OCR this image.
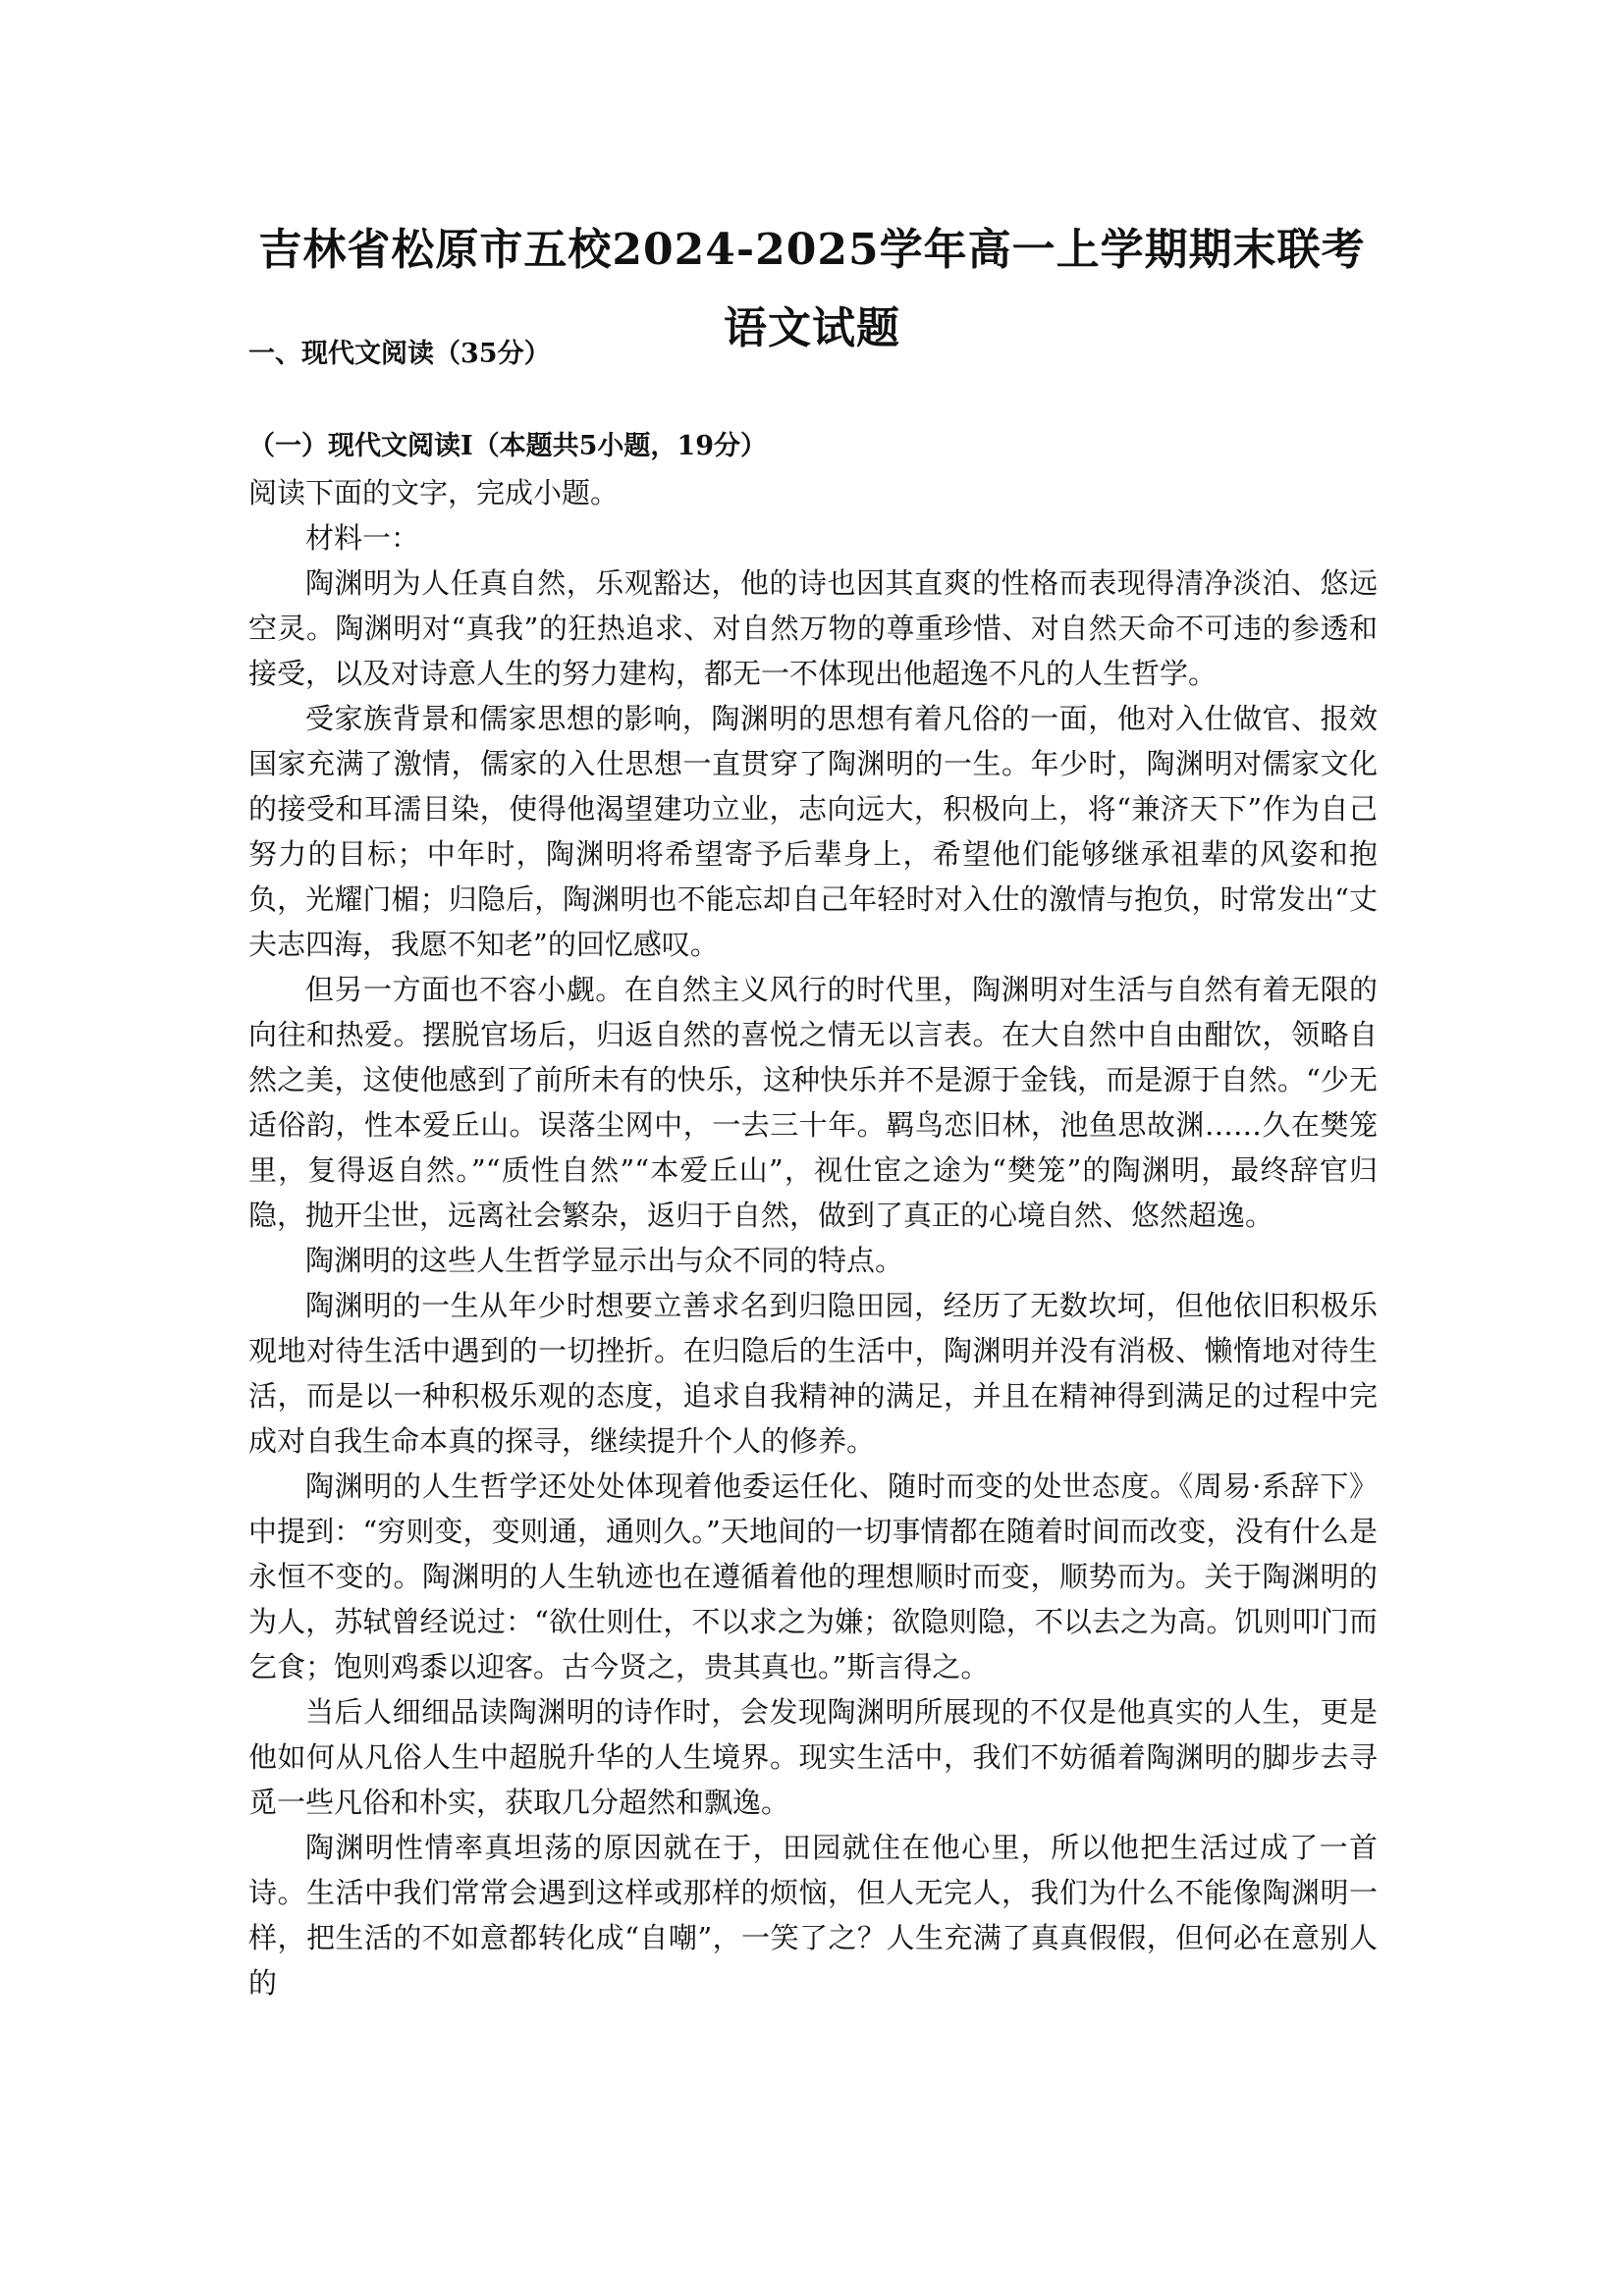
吉林省松原市五校2024-2025学年高一上学期期末联考
语文试题
一、现代文阅读（35分）
（一）现代文阅读Ⅰ（本题共5小题，19分）

阅读下面的文字，完成小题。

材料一：

陶渊明为人任真自然，乐观豁达，他的诗也因其直爽的性格而表现得清净淡泊、悠远空灵。陶渊明对“真我”的狂热追求、对自然万物的尊重珍惜、对自然天命不可违的参透和接受，以及对诗意人生的努力建构，都无一不体现出他超逸不凡的人生哲学。

受家族背景和儒家思想的影响，陶渊明的思想有着凡俗的一面，他对入仕做官、报效国家充满了激情，儒家的入仕思想一直贯穿了陶渊明的一生。年少时，陶渊明对儒家文化的接受和耳濡目染，使得他渴望建功立业，志向远大，积极向上，将“兼济天下”作为自己努力的目标；中年时，陶渊明将希望寄予后辈身上，希望他们能够继承祖辈的风姿和抱负，光耀门楣；归隐后，陶渊明也不能忘却自己年轻时对入仕的激情与抱负，时常发出“丈夫志四海，我愿不知老”的回忆感叹。

但另一方面也不容小觑。在自然主义风行的时代里，陶渊明对生活与自然有着无限的向往和热爱。摆脱官场后，归返自然的喜悦之情无以言表。在大自然中自由酣饮，领略自然之美，这使他感到了前所未有的快乐，这种快乐并不是源于金钱，而是源于自然。“少无适俗韵，性本爱丘山。误落尘网中，一去三十年。羁鸟恋旧林，池鱼思故渊……久在樊笼里，复得返自然。”“质性自然”“本爱丘山”，视仕宦之途为“樊笼”的陶渊明，最终辞官归隐，抛开尘世，远离社会繁杂，返归于自然，做到了真正的心境自然、悠然超逸。

陶渊明的这些人生哲学显示出与众不同的特点。

陶渊明的一生从年少时想要立善求名到归隐田园，经历了无数坎坷，但他依旧积极乐观地对待生活中遇到的一切挫折。在归隐后的生活中，陶渊明并没有消极、懒惰地对待生活，而是以一种积极乐观的态度，追求自我精神的满足，并且在精神得到满足的过程中完成对自我生命本真的探寻，继续提升个人的修养。

陶渊明的人生哲学还处处体现着他委运任化、随时而变的处世态度。《周易·系辞下》中提到：“穷则变，变则通，通则久。”天地间的一切事情都在随着时间而改变，没有什么是永恒不变的。陶渊明的人生轨迹也在遵循着他的理想顺时而变，顺势而为。关于陶渊明的为人，苏轼曾经说过：“欲仕则仕，不以求之为嫌；欲隐则隐，不以去之为高。饥则叩门而乞食；饱则鸡黍以迎客。古今贤之，贵其真也。”斯言得之。

当后人细细品读陶渊明的诗作时，会发现陶渊明所展现的不仅是他真实的人生，更是他如何从凡俗人生中超脱升华的人生境界。现实生活中，我们不妨循着陶渊明的脚步去寻觅一些凡俗和朴实，获取几分超然和飘逸。

陶渊明性情率真坦荡的原因就在于，田园就住在他心里，所以他把生活过成了一首诗。生活中我们常常会遇到这样或那样的烦恼，但人无完人，我们为什么不能像陶渊明一样，把生活的不如意都转化成“自嘲”，一笑了之？人生充满了真真假假，但何必在意别人的
